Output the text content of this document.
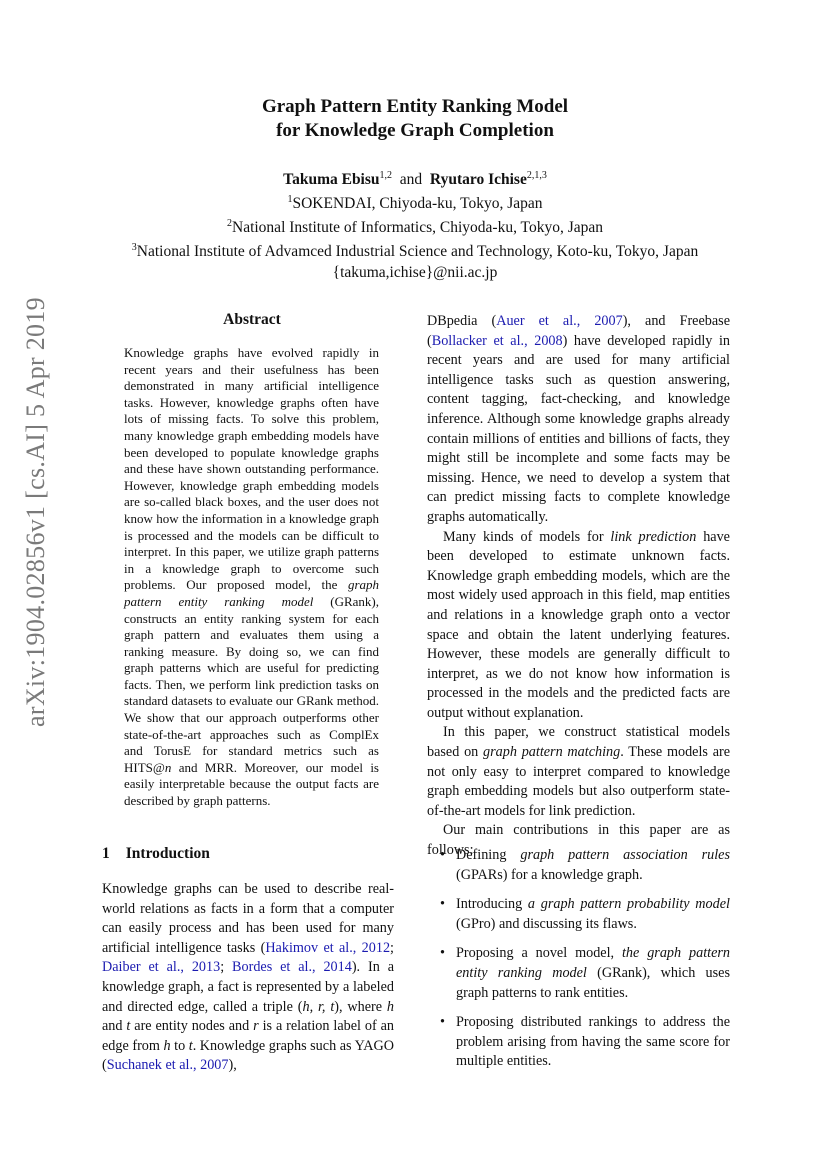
arXiv:1904.02856v1 [cs.AI] 5 Apr 2019
Graph Pattern Entity Ranking Model
for Knowledge Graph Completion
Takuma Ebisu$^{1,2}$ and Ryutaro Ichise$^{2,1,3}$
$^1$SOKENDAI, Chiyoda-ku, Tokyo, Japan
$^2$National Institute of Informatics, Chiyoda-ku, Tokyo, Japan
$^3$National Institute of Advamced Industrial Science and Technology, Koto-ku, Tokyo, Japan
{takuma,ichise}@nii.ac.jp
Abstract
Knowledge graphs have evolved rapidly in recent years and their usefulness has been demonstrated in many artificial intelligence tasks. However, knowledge graphs often have lots of missing facts. To solve this problem, many knowledge graph embedding models have been developed to populate knowledge graphs and these have shown outstanding performance. However, knowledge graph embedding models are so-called black boxes, and the user does not know how the information in a knowledge graph is processed and the models can be difficult to interpret. In this paper, we utilize graph patterns in a knowledge graph to overcome such problems. Our proposed model, the graph pattern entity ranking model (GRank), constructs an entity ranking system for each graph pattern and evaluates them using a ranking measure. By doing so, we can find graph patterns which are useful for predicting facts. Then, we perform link prediction tasks on standard datasets to evaluate our GRank method. We show that our approach outperforms other state-of-the-art approaches such as ComplEx and TorusE for standard metrics such as HITS@n and MRR. Moreover, our model is easily interpretable because the output facts are described by graph patterns.
1 Introduction
Knowledge graphs can be used to describe real-world relations as facts in a form that a computer can easily process and has been used for many artificial intelligence tasks (Hakimov et al., 2012; Daiber et al., 2013; Bordes et al., 2014). In a knowledge graph, a fact is represented by a labeled and directed edge, called a triple (h, r, t), where h and t are entity nodes and r is a relation label of an edge from h to t. Knowledge graphs such as YAGO (Suchanek et al., 2007),

DBpedia (Auer et al., 2007), and Freebase (Bollacker et al., 2008) have developed rapidly in recent years and are used for many artificial intelligence tasks such as question answering, content tagging, fact-checking, and knowledge inference. Although some knowledge graphs already contain millions of entities and billions of facts, they might still be incomplete and some facts may be missing. Hence, we need to develop a system that can predict missing facts to complete knowledge graphs automatically.

Many kinds of models for link prediction have been developed to estimate unknown facts. Knowledge graph embedding models, which are the most widely used approach in this field, map entities and relations in a knowledge graph onto a vector space and obtain the latent underlying features. However, these models are generally difficult to interpret, as we do not know how information is processed in the models and the predicted facts are output without explanation.

In this paper, we construct statistical models based on graph pattern matching. These models are not only easy to interpret compared to knowledge graph embedding models but also outperform state-of-the-art models for link prediction.

Our main contributions in this paper are as follows:

• Defining graph pattern association rules (GPARs) for a knowledge graph.
• Introducing a graph pattern probability model (GPro) and discussing its flaws.
• Proposing a novel model, the graph pattern entity ranking model (GRank), which uses graph patterns to rank entities.
• Proposing distributed rankings to address the problem arising from having the same score for multiple entities.
